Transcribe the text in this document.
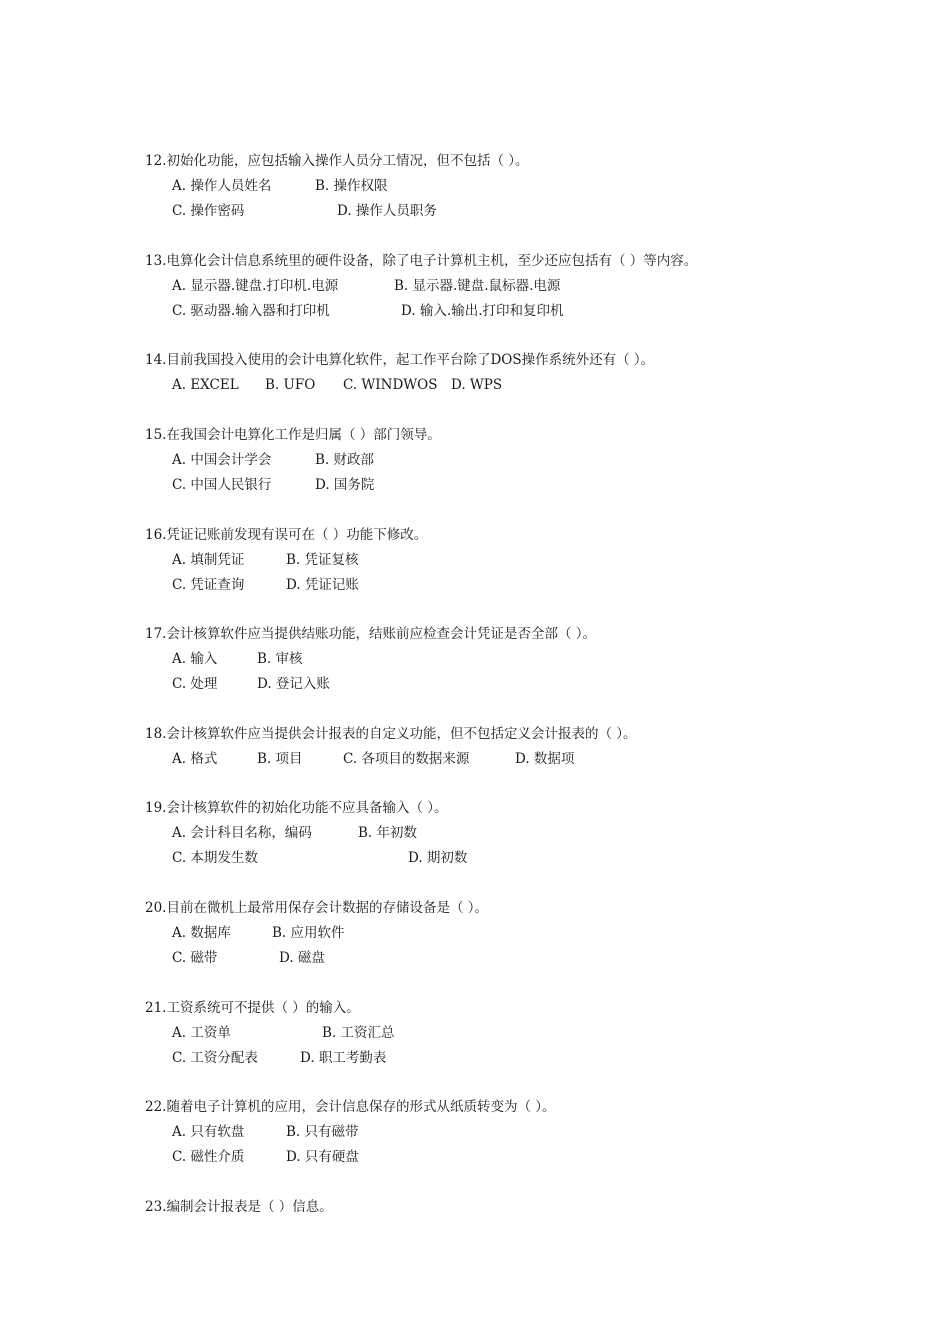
12.初始化功能，应包括输入操作人员分工情况，但不包括（ ）。
A. 操作人员姓名	B. 操作权限
C. 操作密码	D. 操作人员职务
13.电算化会计信息系统里的硬件设备，除了电子计算机主机，至少还应包括有（ ）等内容。
A. 显示器.键盘.打印机.电源	B. 显示器.键盘.鼠标器.电源
C. 驱动器.输入器和打印机	D. 输入.输出.打印和复印机
14.目前我国投入使用的会计电算化软件，起工作平台除了DOS操作系统外还有（ ）。
A. EXCEL B. UFO C. WINDWOS D. WPS
15.在我国会计电算化工作是归属（ ）部门领导。
A. 中国会计学会	B. 财政部
C. 中国人民银行	D. 国务院
16.凭证记账前发现有误可在（ ）功能下修改。
A. 填制凭证	B. 凭证复核
C. 凭证查询	D. 凭证记账
17.会计核算软件应当提供结账功能，结账前应检查会计凭证是否全部（ ）。
A. 输入	B. 审核
C. 处理	D. 登记入账
18.会计核算软件应当提供会计报表的自定义功能，但不包括定义会计报表的（ ）。
A. 格式	B. 项目	C. 各项目的数据来源	D. 数据项
19.会计核算软件的初始化功能不应具备输入（ ）。
A. 会计科目名称，编码	B. 年初数
C. 本期发生数	D. 期初数
20.目前在微机上最常用保存会计数据的存储设备是（ ）。
A. 数据库	B. 应用软件
C. 磁带	D. 磁盘
21.工资系统可不提供（ ）的输入。
A. 工资单	B. 工资汇总
C. 工资分配表	D. 职工考勤表
22.随着电子计算机的应用，会计信息保存的形式从纸质转变为（ ）。
A. 只有软盘	B. 只有磁带
C. 磁性介质	D. 只有硬盘
23.编制会计报表是（ ）信息。
